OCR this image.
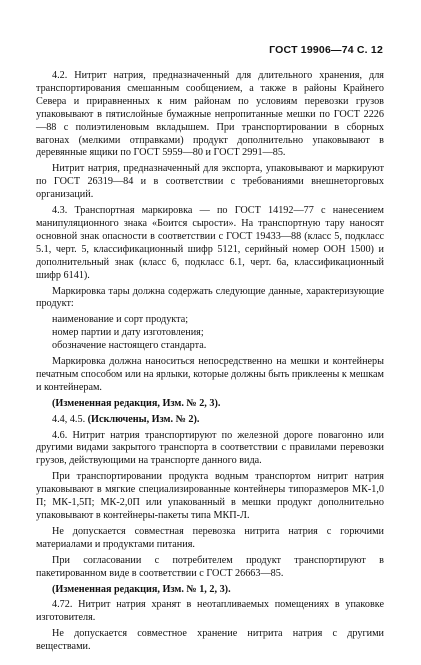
ГОСТ 19906—74 С. 12

4.2. Нитрит натрия, предназначенный для длительного хранения, для транспортирования смешанным сообщением, а также в районы Крайнего Севера и приравненных к ним районам по условиям перевозки грузов упаковывают в пятислойные бумажные непропитанные мешки по ГОСТ 2226—88 с полиэтиленовым вкладышем. При транспортировании в сборных вагонах (мелкими отправками) продукт дополнительно упаковывают в деревянные ящики по ГОСТ 5959—80 и ГОСТ 2991—85.

Нитрит натрия, предназначенный для экспорта, упаковывают и маркируют по ГОСТ 26319—84 и в соответствии с требованиями внешнеторговых организаций.

4.3. Транспортная маркировка — по ГОСТ 14192—77 с нанесением манипуляционного знака «Боится сырости». На транспортную тару наносят основной знак опасности в соответствии с ГОСТ 19433—88 (класс 5, подкласс 5.1, черт. 5, классификационный шифр 5121, серийный номер ООН 1500) и дополнительный знак (класс 6, подкласс 6.1, черт. 6а, классификационный шифр 6141).

Маркировка тары должна содержать следующие данные, характеризующие продукт:

наименование и сорт продукта;

номер партии и дату изготовления;

обозначение настоящего стандарта.

Маркировка должна наноситься непосредственно на мешки и контейнеры печатным способом или на ярлыки, которые должны быть приклеены к мешкам и контейнерам.

(Измененная редакция, Изм. № 2, 3).

4.4, 4.5. (Исключены, Изм. № 2).

4.6. Нитрит натрия транспортируют по железной дороге повагонно или другими видами закрытого транспорта в соответствии с правилами перевозки грузов, действующими на транспорте данного вида.

При транспортировании продукта водным транспортом нитрит натрия упаковывают в мягкие специализированные контейнеры типоразмеров МК-1,0 П; МК-1,5П; МК-2,0П или упакованный в мешки продукт дополнительно упаковывают в контейнеры-пакеты типа МКП-Л.

Не допускается совместная перевозка нитрита натрия с горючими материалами и продуктами питания.

При согласовании с потребителем продукт транспортируют в пакетированном виде в соответствии с ГОСТ 26663—85.

(Измененная редакция, Изм. № 1, 2, 3).

4.72. Нитрит натрия хранят в неотапливаемых помещениях в упаковке изготовителя.

Не допускается совместное хранение нитрита натрия с другими веществами.
